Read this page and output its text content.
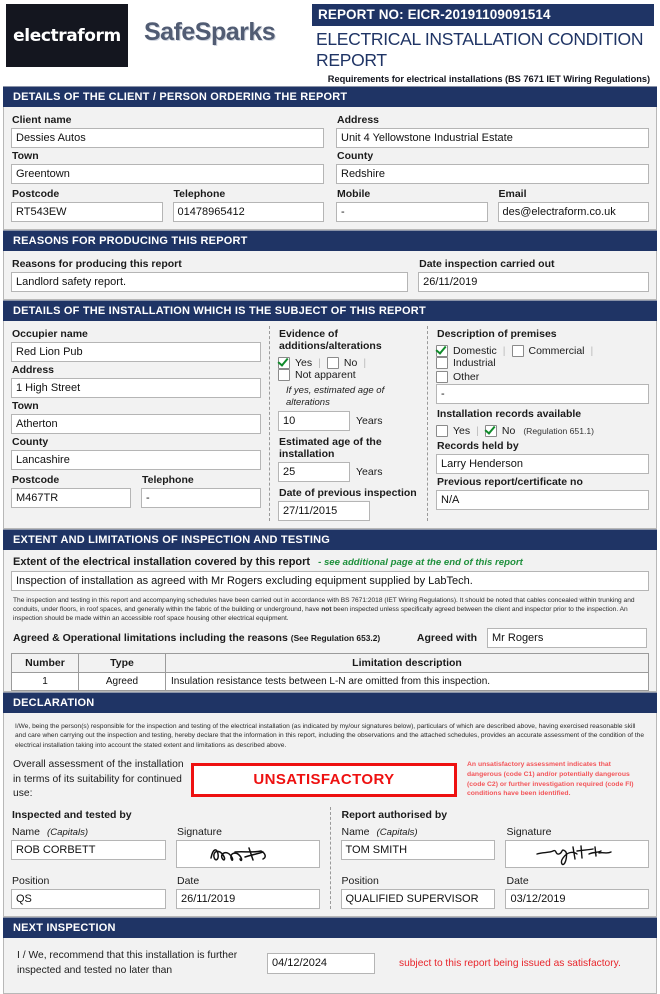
electraform SafeSparks
REPORT NO: EICR-20191109091514
ELECTRICAL INSTALLATION CONDITION REPORT
Requirements for electrical installations (BS 7671 IET Wiring Regulations)
DETAILS OF THE CLIENT / PERSON ORDERING THE REPORT
Client name
Dessies Autos
Town
Greentown
Postcode
RT543EW
Telephone
01478965412
Address
Unit 4 Yellowstone Industrial Estate
County
Redshire
Mobile
-
Email
des@electraform.co.uk
REASONS FOR PRODUCING THIS REPORT
Reasons for producing this report
Landlord safety report.
Date inspection carried out
26/11/2019
DETAILS OF THE INSTALLATION WHICH IS THE SUBJECT OF THIS REPORT
Occupier name
Red Lion Pub
Address
1 High Street
Town
Atherton
County
Lancashire
Postcode
M467TR
Telephone
-
Evidence of additions/alterations
Yes | No |
Not apparent
If yes, estimated age of alterations
10	Years
Estimated age of the installation
25	Years
Date of previous inspection
27/11/2015
Description of premises
Domestic | Commercial |
Industrial
Other
-
Installation records available
Yes | No (Regulation 651.1)
Records held by
Larry Henderson
Previous report/certificate no
N/A
EXTENT AND LIMITATIONS OF INSPECTION AND TESTING
Extent of the electrical installation covered by this report - see additional page at the end of this report
Inspection of installation as agreed with Mr Rogers excluding equipment supplied by LabTech.
The inspection and testing in this report and accompanying schedules have been carried out in accordance with BS 7671:2018 (IET Wiring Regulations). It should be noted that cables concealed within trunking and conduits, under floors, in roof spaces, and generally within the fabric of the building or underground, have not been inspected unless specifically agreed between the client and inspector prior to the inspection. An inspection should be made within an accessible roof space housing other electrical equipment.
Agreed & Operational limitations including the reasons (See Regulation 653.2)	Agreed with	Mr Rogers
Number	Type	Limitation description
1	Agreed	Insulation resistance tests between L-N are omitted from this inspection.
DECLARATION
I/We, being the person(s) responsible for the inspection and testing of the electrical installation (as indicated by my/our signatures below), particulars of which are described above, having exercised reasonable skill and care when carrying out the inspection and testing, hereby declare that the information in this report, including the observations and the attached schedules, provides an accurate assessment of the condition of the electrical installation taking into account the stated extent and limitations as described above.
Overall assessment of the installation in terms of its suitability for continued use:
UNSATISFACTORY
An unsatisfactory assessment indicates that dangerous (code C1) and/or potentially dangerous (code C2) or further investigation required (code FI) conditions have been identified.
Inspected and tested by
Name (Capitals)
ROB CORBETT
Signature
Position
QS
Date
26/11/2019
Report authorised by
Name (Capitals)
TOM SMITH
Signature
Position
QUALIFIED SUPERVISOR
Date
03/12/2019
NEXT INSPECTION
I / We, recommend that this installation is further inspected and tested no later than
04/12/2024	subject to this report being issued as satisfactory.
